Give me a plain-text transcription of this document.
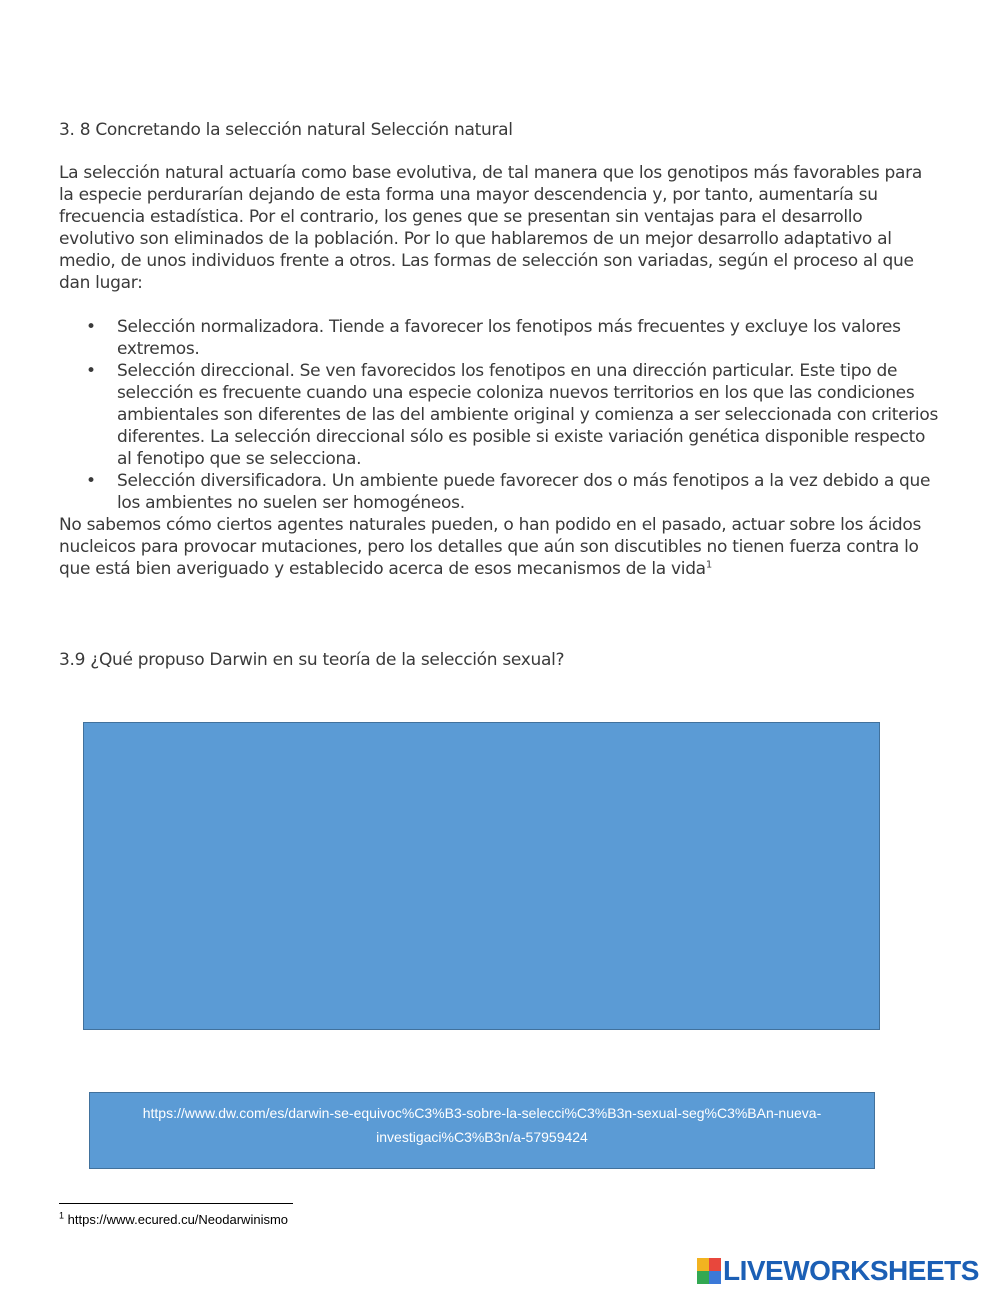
3. 8 Concretando la selección natural Selección natural
La selección natural actuaría como base evolutiva, de tal manera que los genotipos más favorables para la especie perdurarían dejando de esta forma una mayor descendencia y, por tanto, aumentaría su frecuencia estadística. Por el contrario, los genes que se presentan sin ventajas para el desarrollo evolutivo son eliminados de la población. Por lo que hablaremos de un mejor desarrollo adaptativo al medio, de unos individuos frente a otros. Las formas de selección son variadas, según el proceso al que dan lugar:
• Selección normalizadora. Tiende a favorecer los fenotipos más frecuentes y excluye los valores extremos.
• Selección direccional. Se ven favorecidos los fenotipos en una dirección particular. Este tipo de selección es frecuente cuando una especie coloniza nuevos territorios en los que las condiciones ambientales son diferentes de las del ambiente original y comienza a ser seleccionada con criterios diferentes. La selección direccional sólo es posible si existe variación genética disponible respecto al fenotipo que se selecciona.
• Selección diversificadora. Un ambiente puede favorecer dos o más fenotipos a la vez debido a que los ambientes no suelen ser homogéneos.
No sabemos cómo ciertos agentes naturales pueden, o han podido en el pasado, actuar sobre los ácidos nucleicos para provocar mutaciones, pero los detalles que aún son discutibles no tienen fuerza contra lo que está bien averiguado y establecido acerca de esos mecanismos de la vida$^1$
3.9 ¿Qué propuso Darwin en su teoría de la selección sexual?
https://www.dw.com/es/darwin-se-equivoc%C3%B3-sobre-la-selecci%C3%B3n-sexual-seg%C3%BAn-nueva-investigaci%C3%B3n/a-57959424
$^1$ https://www.ecured.cu/Neodarwinismo
LIVEWORKSHEETS
